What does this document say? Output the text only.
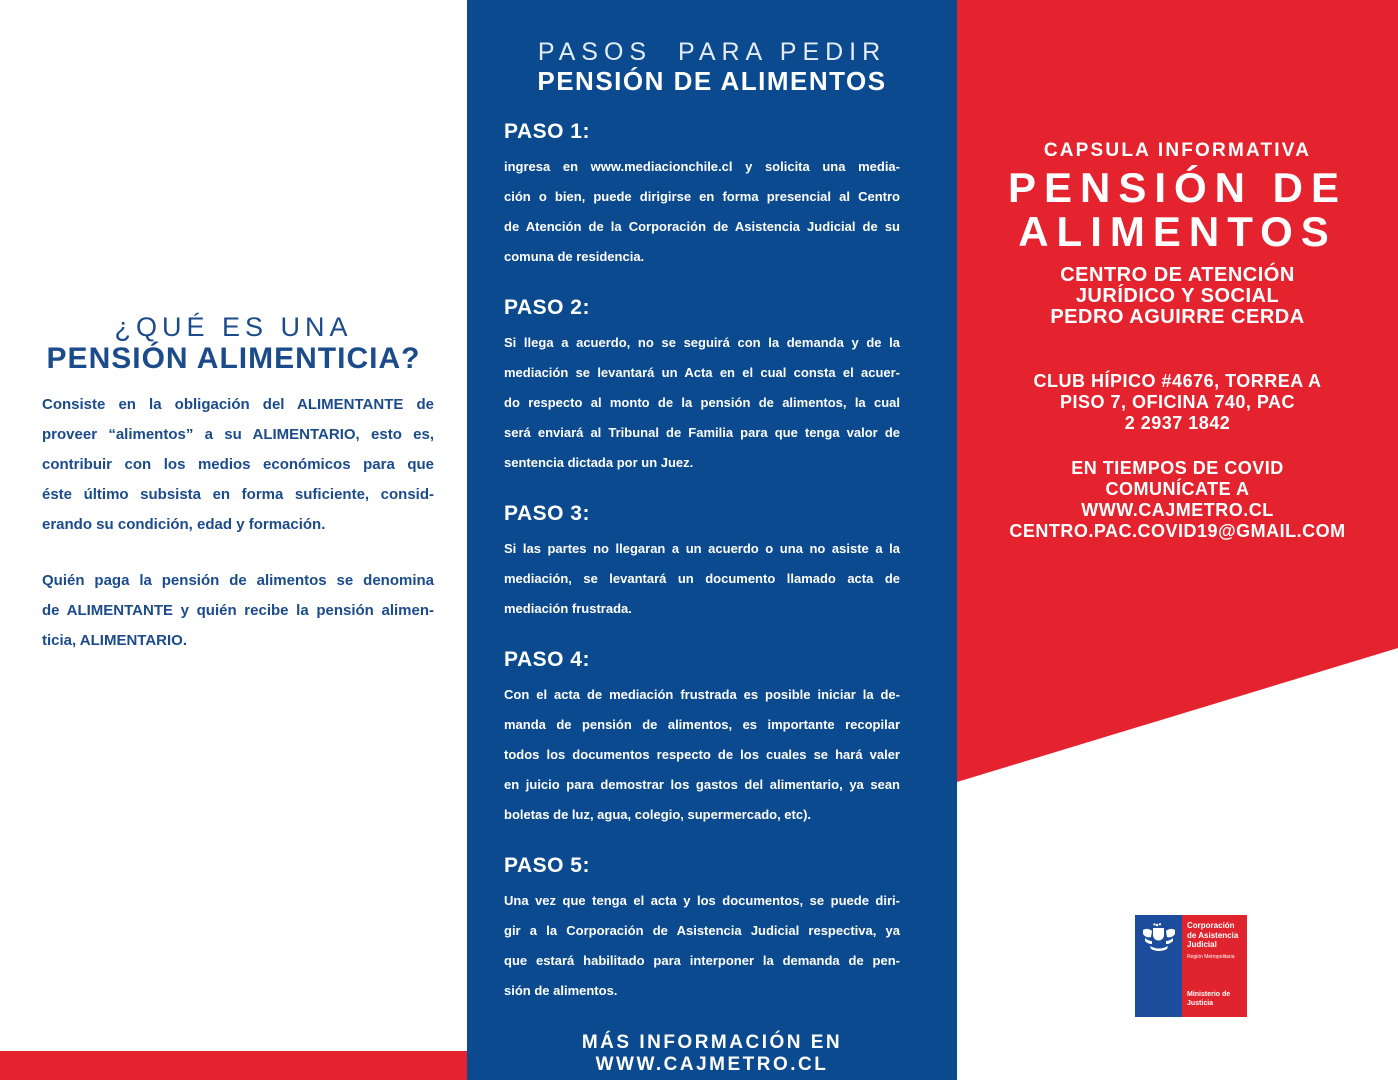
¿QUÉ ES UNA
PENSIÓN ALIMENTICIA?
Consiste en la obligación del ALIMENTANTE de
proveer “alimentos” a su ALIMENTARIO, esto es,
contribuir con los medios económicos para que
éste último subsista en forma suficiente, consid-
erando su condición, edad y formación.
Quién paga la pensión de alimentos se denomina
de ALIMENTANTE y quién recibe la pensión alimen-
ticia, ALIMENTARIO.
PASOS  PARA PEDIR
PENSIÓN DE ALIMENTOS
PASO 1:
ingresa en www.mediacionchile.cl y solicita una media-
ción o bien, puede dirigirse en forma presencial al Centro
de Atención de la Corporación de Asistencia Judicial de su
comuna de residencia.
PASO 2:
Si llega a acuerdo, no se seguirá con la demanda y de la
mediación se levantará un Acta en el cual consta el acuer-
do respecto al monto de la pensión de alimentos, la cual
será enviará al Tribunal de Familia para que tenga valor de
sentencia dictada por un Juez.
PASO 3:
Si las partes no llegaran a un acuerdo o una no asiste a la
mediación, se levantará un documento llamado acta de
mediación frustrada.
PASO 4:
Con el acta de mediación frustrada es posible iniciar la de-
manda de pensión de alimentos, es importante recopilar
todos los documentos respecto de los cuales se hará valer
en juicio para demostrar los gastos del alimentario, ya sean
boletas de luz, agua, colegio, supermercado, etc).
PASO 5:
Una vez que tenga el acta y los documentos, se puede diri-
gir a la Corporación de Asistencia Judicial respectiva, ya
que estará habilitado para interponer la demanda de pen-
sión de alimentos.
MÁS INFORMACIÓN EN
WWW.CAJMETRO.CL
CAPSULA INFORMATIVA
PENSIÓN DE
ALIMENTOS
CENTRO DE ATENCIÓN
JURÍDICO Y SOCIAL
PEDRO AGUIRRE CERDA
CLUB HÍPICO #4676, TORREA A
PISO 7, OFICINA 740, PAC
2 2937 1842
EN TIEMPOS DE COVID
COMUNÍCATE A
WWW.CAJMETRO.CL
CENTRO.PAC.COVID19@GMAIL.COM
Corporación
de Asistencia
Judicial
Región Metropolitana
Ministerio de
Justicia
